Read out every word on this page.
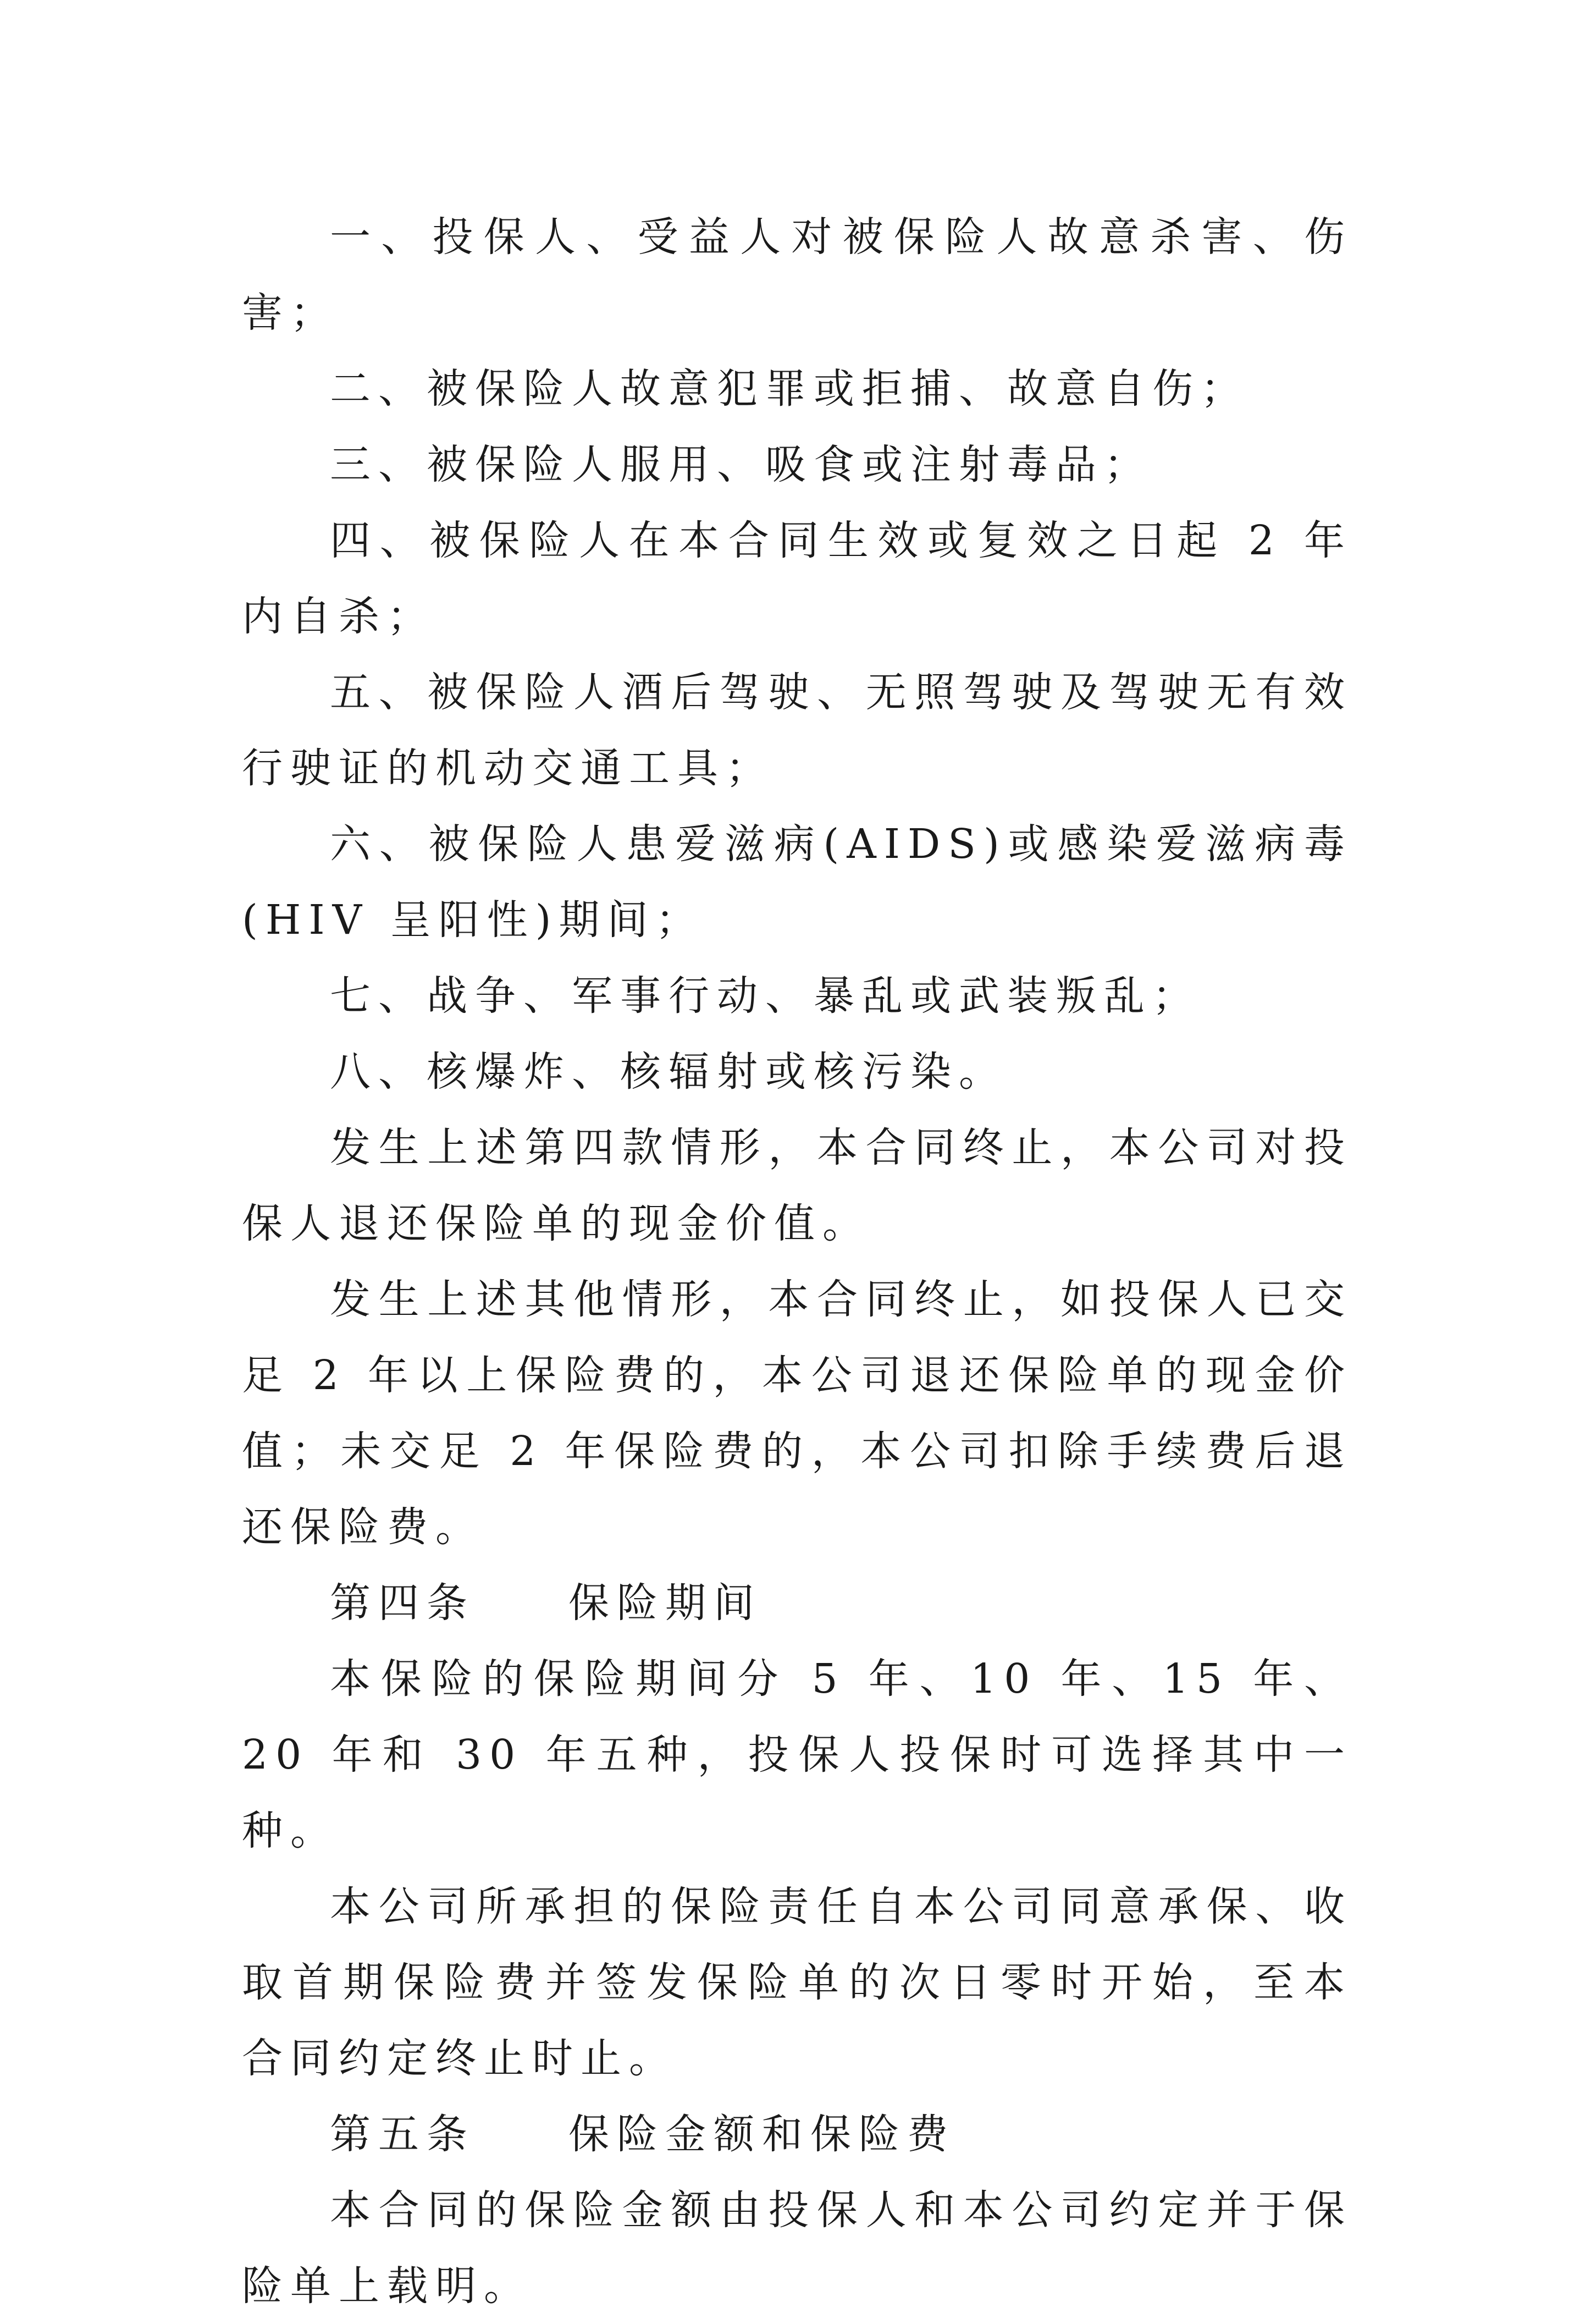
一、投保人、受益人对被保险人故意杀害、伤害；

二、被保险人故意犯罪或拒捕、故意自伤；

三、被保险人服用、吸食或注射毒品；

四、被保险人在本合同生效或复效之日起 2 年内自杀；

五、被保险人酒后驾驶、无照驾驶及驾驶无有效行驶证的机动交通工具；

六、被保险人患爱滋病(AIDS)或感染爱滋病毒(HIV 呈阳性)期间；

七、战争、军事行动、暴乱或武装叛乱；

八、核爆炸、核辐射或核污染。

发生上述第四款情形，本合同终止，本公司对投保人退还保险单的现金价值。

发生上述其他情形，本合同终止，如投保人已交足 2 年以上保险费的，本公司退还保险单的现金价值；未交足 2 年保险费的，本公司扣除手续费后退还保险费。

第四条 保险期间

本保险的保险期间分 5 年、10 年、15 年、20 年和 30 年五种，投保人投保时可选择其中一种。

本公司所承担的保险责任自本公司同意承保、收取首期保险费并签发保险单的次日零时开始，至本合同约定终止时止。

第五条 保险金额和保险费

本合同的保险金额由投保人和本公司约定并于保险单上载明。
